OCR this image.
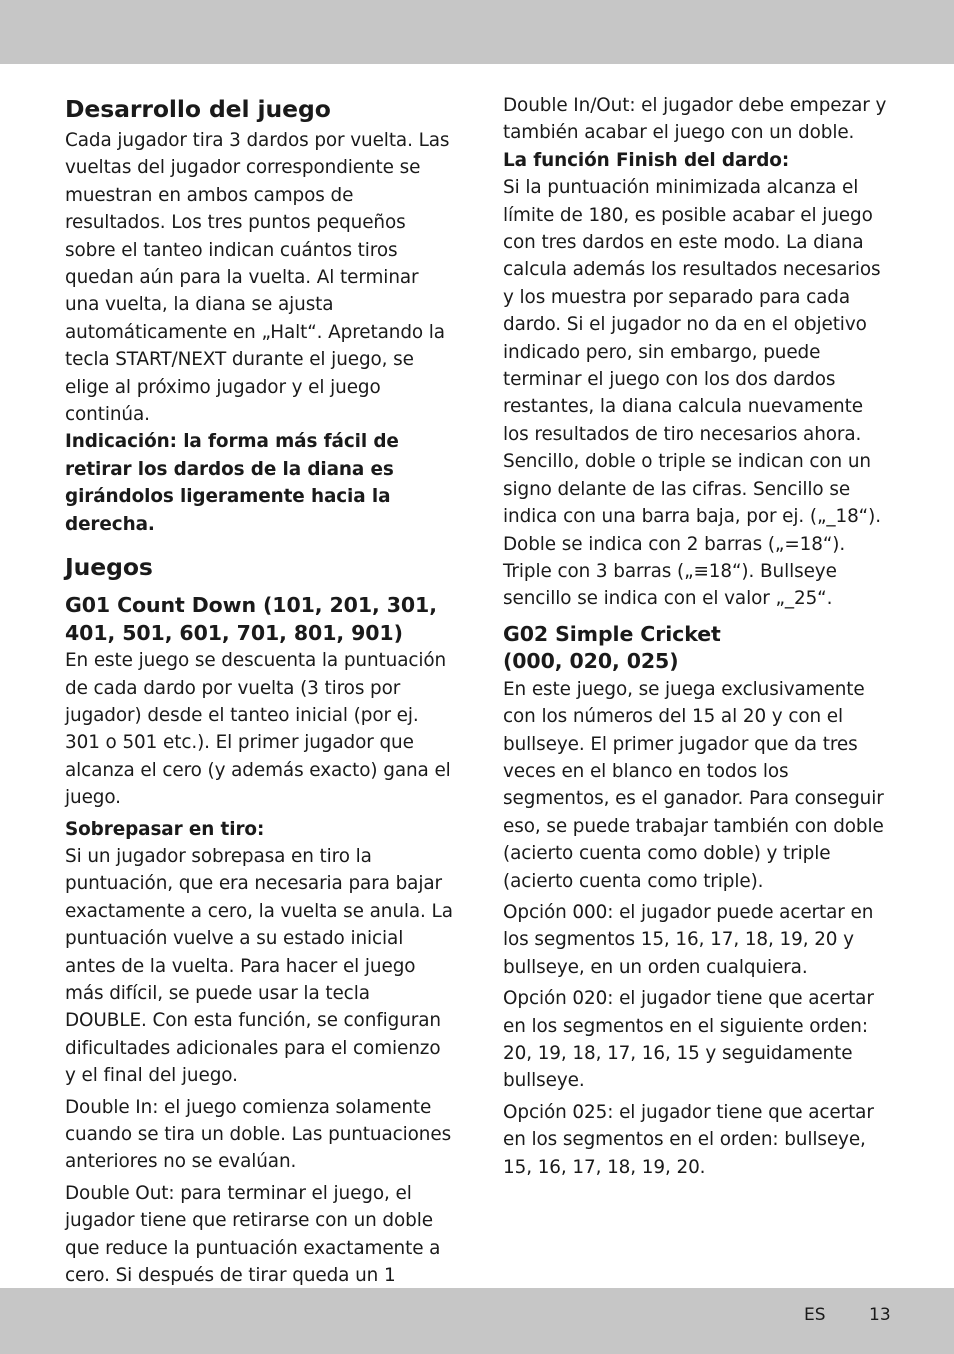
Desarrollo del juego

Cada jugador tira 3 dardos por vuelta. Las vueltas del jugador correspondiente se muestran en ambos campos de resultados. Los tres puntos pequeños sobre el tanteo indican cuántos tiros quedan aún para la vuelta. Al terminar una vuelta, la diana se ajusta automáticamente en „Halt“. Apretando la tecla START/NEXT durante el juego, se elige al próximo jugador y el juego continúa.

Indicación: la forma más fácil de retirar los dardos de la diana es girándolos ligeramente hacia la derecha.

Juegos
G01 Count Down (101, 201, 301, 401, 501, 601, 701, 801, 901)

En este juego se descuenta la puntuación de cada dardo por vuelta (3 tiros por jugador) desde el tanteo inicial (por ej. 301 o 501 etc.). El primer jugador que alcanza el cero (y además exacto) gana el juego.

Sobrepasar en tiro:

Si un jugador sobrepasa en tiro la puntuación, que era necesaria para bajar exactamente a cero, la vuelta se anula. La puntuación vuelve a su estado inicial antes de la vuelta. Para hacer el juego más difícil, se puede usar la tecla DOUBLE. Con esta función, se configuran dificultades adicionales para el comienzo y el final del juego.

Double In: el juego comienza solamente cuando se tira un doble. Las puntuaciones anteriores no se evalúan.

Double Out: para terminar el juego, el jugador tiene que retirarse con un doble que reduce la puntuación exactamente a cero. Si después de tirar queda un 1

Double In/Out: el jugador debe empezar y también acabar el juego con un doble.

La función Finish del dardo:

Si la puntuación minimizada alcanza el límite de 180, es posible acabar el juego con tres dardos en este modo. La diana calcula además los resultados necesarios y los muestra por separado para cada dardo. Si el jugador no da en el objetivo indicado pero, sin embargo, puede terminar el juego con los dos dardos restantes, la diana calcula nuevamente los resultados de tiro necesarios ahora. Sencillo, doble o triple se indican con un signo delante de las cifras. Sencillo se indica con una barra baja, por ej. („_18“). Doble se indica con 2 barras („=18“). Triple con 3 barras („≡18“). Bullseye sencillo se indica con el valor „_25“.

G02 Simple Cricket
(000, 020, 025)

En este juego, se juega exclusivamente con los números del 15 al 20 y con el bullseye. El primer jugador que da tres veces en el blanco en todos los segmentos, es el ganador. Para conseguir eso, se puede trabajar también con doble (acierto cuenta como doble) y triple (acierto cuenta como triple).

Opción 000: el jugador puede acertar en los segmentos 15, 16, 17, 18, 19, 20 y bullseye, en un orden cualquiera.

Opción 020: el jugador tiene que acertar en los segmentos en el siguiente orden: 20, 19, 18, 17, 16, 15 y seguidamente bullseye.

Opción 025: el jugador tiene que acertar en los segmentos en el orden: bullseye, 15, 16, 17, 18, 19, 20.

ES	13
